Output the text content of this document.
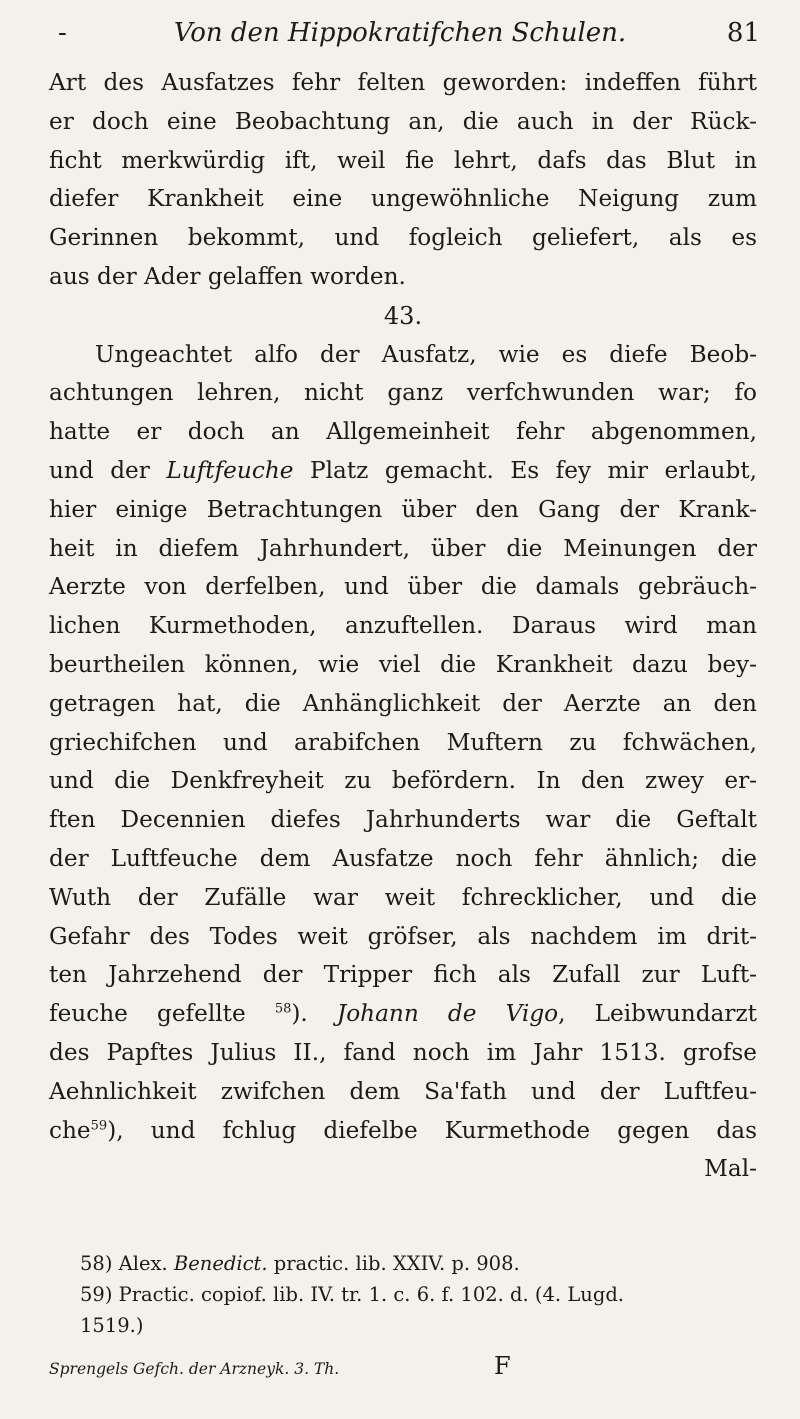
-	Von den Hippokratifchen Schulen.	81
Art des Ausfatzes fehr felten geworden: indeffen führt
er doch eine Beobachtung an, die auch in der Rück-
ficht merkwürdig ift, weil fie lehrt, dafs das Blut in
diefer Krankheit eine ungewöhnliche Neigung zum
Gerinnen bekommt, und fogleich geliefert, als es
aus der Ader gelaffen worden.
43.
Ungeachtet alfo der Ausfatz, wie es diefe Beob-
achtungen lehren, nicht ganz verfchwunden war; fo
hatte er doch an Allgemeinheit fehr abgenommen,
und der Luftfeuche Platz gemacht. Es fey mir erlaubt,
hier einige Betrachtungen über den Gang der Krank-
heit in diefem Jahrhundert, über die Meinungen der
Aerzte von derfelben, und über die damals gebräuch-
lichen Kurmethoden, anzuftellen. Daraus wird man
beurtheilen können, wie viel die Krankheit dazu bey-
getragen hat, die Anhänglichkeit der Aerzte an den
griechifchen und arabifchen Muftern zu fchwächen,
und die Denkfreyheit zu befördern. In den zwey er-
ften Decennien diefes Jahrhunderts war die Geftalt
der Luftfeuche dem Ausfatze noch fehr ähnlich; die
Wuth der Zufälle war weit fchrecklicher, und die
Gefahr des Todes weit gröfser, als nachdem im drit-
ten Jahrzehend der Tripper fich als Zufall zur Luft-
feuche gefellte $^{58}$). Johann de Vigo, Leibwundarzt
des Papftes Julius II., fand noch im Jahr 1513. grofse
Aehnlichkeit zwifchen dem Sa'fath und der Luftfeu-
che$^{59}$), und fchlug diefelbe Kurmethode gegen das
Mal-
58) Alex. Benedict. practic. lib. XXIV. p. 908.
59) Practic. copiof. lib. IV. tr. 1. c. 6. f. 102. d. (4. Lugd.
1519.)
Sprengels Gefch. der Arzneyk. 3. Th.	F
